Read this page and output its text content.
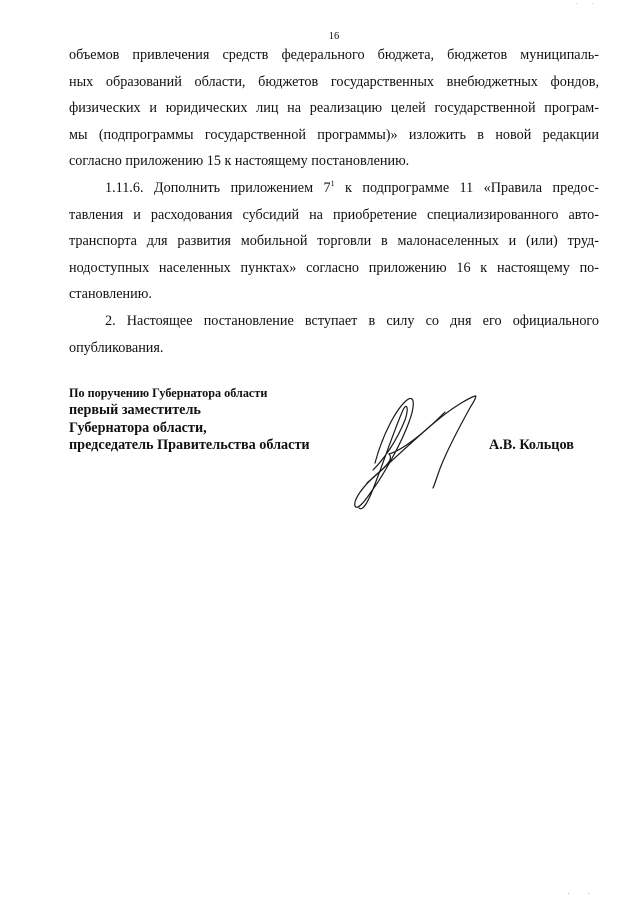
· ·
16
объемов привлечения средств федерального бюджета, бюджетов муниципаль-
ных образований области, бюджетов государственных внебюджетных фондов,
физических и юридических лиц на реализацию целей государственной програм-
мы (подпрограммы государственной программы)» изложить в новой редакции
согласно приложению 15 к настоящему постановлению.
1.11.6. Дополнить приложением $7^1$ к подпрограмме 11 «Правила предос-
тавления и расходования субсидий на приобретение специализированного авто-
транспорта для развития мобильной торговли в малонаселенных и (или) труд-
нодоступных населенных пунктах» согласно приложению 16 к настоящему по-
становлению.
2. Настоящее постановление вступает в силу со дня его официального
опубликования.
По поручению Губернатора области
первый заместитель
Губернатора области,
председатель Правительства области	А.В. Кольцов
· ·
